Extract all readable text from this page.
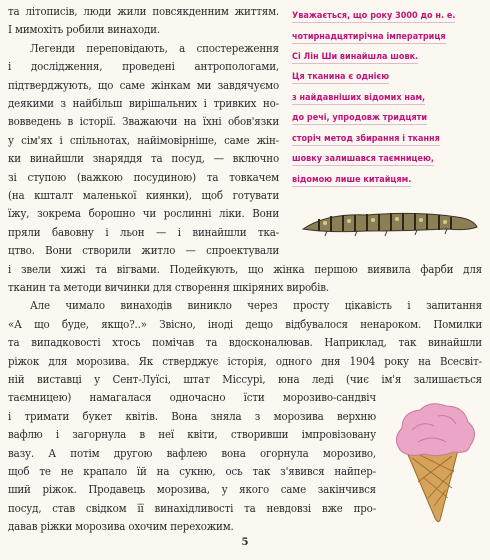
Уважається, що року 3000 до н. е.
чотирнадцятирічна імператриця
Сі Лін Ши винайшла шовк.
Ця тканина є однією
з найдавніших відомих нам,
до речі, упродовж тридцяти
сторіч метод збирання і ткання
шовку залишався таємницею,
відомою лише китайцям.
5
та літописів, люди жили повсякденним життям.
І мимохіть робили винаходи.
Легенди переповідають, а спостереження
і дослідження, проведені антропологами,
підтверджують, що саме жінкам ми завдячуємо
деякими з найбільш вирішальних і тривких но-
вовведень в історії. Зважаючи на їхні обов'язки
у сім'ях і спільнотах, найімовірніше, саме жін-
ки винайшли знаряддя та посуд, — включно
зі ступою (важкою посудиною) та товкачем
(на кшталт маленької киянки), щоб готувати
їжу, зокрема борошно чи рослинні ліки. Вони
пряли бавовну і льон — і винайшли тка-
цтво. Вони створили житло — спроектували
і звели хижі та вігвами. Подейкують, що жінка першою виявила фарби для
тканин та методи вичинки для створення шкіряних виробів.
Але чимало винаходів виникло через просту цікавість і запитання
«А що буде, якщо?..» Звісно, іноді дещо відбувалося ненароком. Помилки
та випадковості хтось помічав та вдосконалював. Наприклад, так винайшли
ріжок для морозива. Як стверджує історія, одного дня 1904 року на Всесвіт-
ній виставці у Сент-Луїсі, штат Міссурі, юна леді (чиє ім'я залишається
таємницею) намагалася одночасно їсти морозиво-сандвіч
і тримати букет квітів. Вона зняла з морозива верхню
вафлю і загорнула в неї квіти, створивши імпровізовану
вазу. А потім другою вафлею вона огорнула морозиво,
щоб те не крапало їй на сукню, ось так з'явився найпер-
ший ріжок. Продавець морозива, у якого саме закінчився
посуд, став свідком її винахідливості та невдовзі вже про-
давав ріжки морозива охочим перехожим.
